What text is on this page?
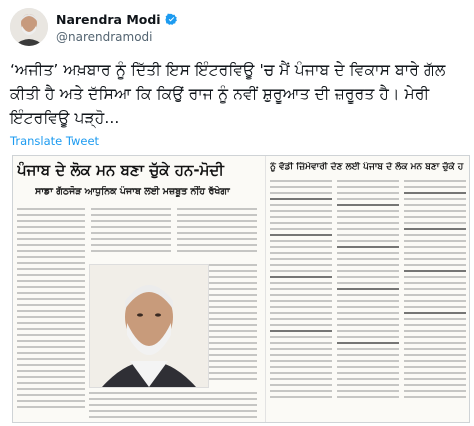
Narendra Modi
@narendramodi
‘ਅਜੀਤ’ ਅਖ਼ਬਾਰ ਨੂੰ ਦਿੱਤੀ ਇਸ ਇੰਟਰਵਿਊ 'ਚ ਮੈਂ ਪੰਜਾਬ ਦੇ ਵਿਕਾਸ ਬਾਰੇ ਗੱਲ ਕੀਤੀ ਹੈ ਅਤੇ ਦੱਸਿਆ ਕਿ ਕਿਉਂ ਰਾਜ ਨੂੰ ਨਵੀਂ ਸ਼ੁਰੂਆਤ ਦੀ ਜ਼ਰੂਰਤ ਹੈ। ਮੇਰੀ ਇੰਟਰਵਿਊ ਪੜ੍ਹੋ...
Translate Tweet
ਪੰਜਾਬ ਦੇ ਲੋਕ ਮਨ ਬਣਾ ਚੁੱਕੇ ਹਨ-ਮੋਦੀ
ਸਾਡਾ ਗੱਠਜੋੜ ਆਧੁਨਿਕ ਪੰਜਾਬ ਲਈ ਮਜ਼ਬੂਤ ਨੀਂਹ ਰੱਖੇਗਾ
ਨੂੰ ਵੱਡੀ ਜ਼ਿੰਮੇਵਾਰੀ ਦੇਣ ਲਈ ਪੰਜਾਬ ਦੇ ਲੋਕ ਮਨ ਬਣਾ ਚੁੱਕੇ ਹ
